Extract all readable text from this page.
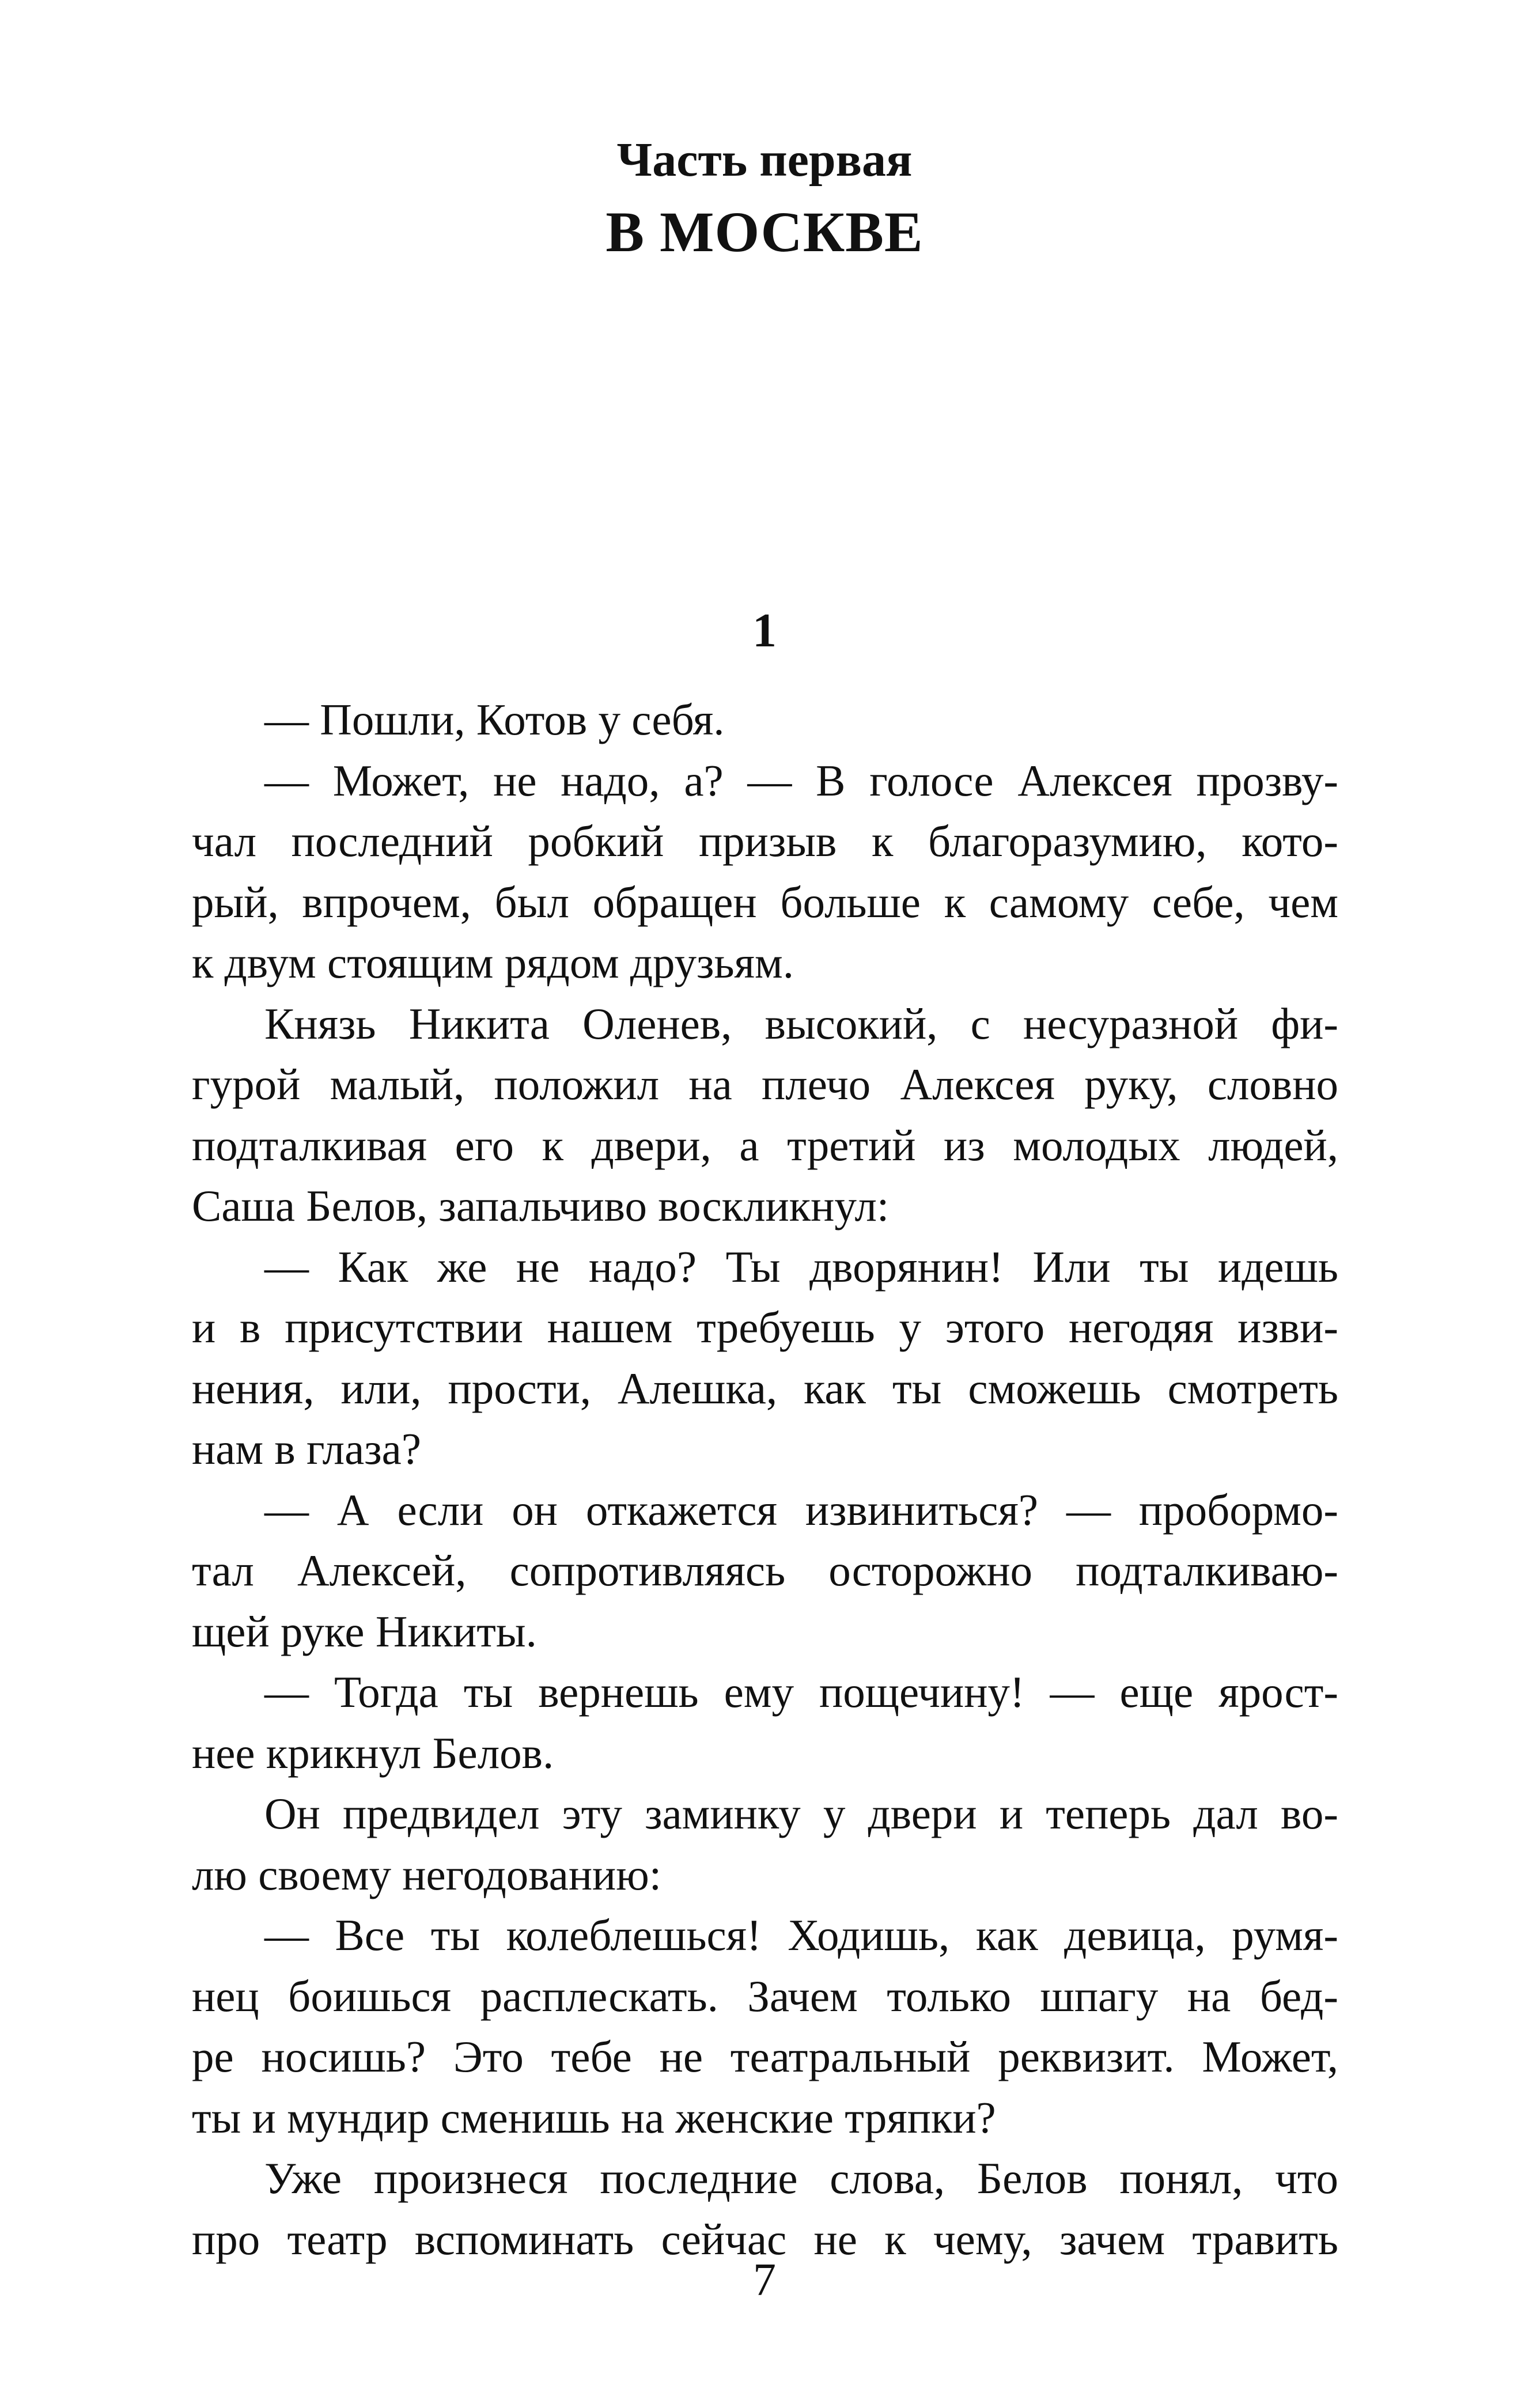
Часть первая
В МОСКВЕ
1
— Пошли, Котов у себя.
— Может, не надо, а? — В голосе Алексея прозву-
чал последний робкий призыв к благоразумию, кото-
рый, впрочем, был обращен больше к самому себе, чем
к двум стоящим рядом друзьям.
Князь Никита Оленев, высокий, с несуразной фи-
гурой малый, положил на плечо Алексея руку, словно
подталкивая его к двери, а третий из молодых людей,
Саша Белов, запальчиво воскликнул:
— Как же не надо? Ты дворянин! Или ты идешь
и в присутствии нашем требуешь у этого негодяя изви-
нения, или, прости, Алешка, как ты сможешь смотреть
нам в глаза?
— А если он откажется извиниться? — пробормо-
тал Алексей, сопротивляясь осторожно подталкиваю-
щей руке Никиты.
— Тогда ты вернешь ему пощечину! — еще ярост-
нее крикнул Белов.
Он предвидел эту заминку у двери и теперь дал во-
лю своему негодованию:
— Все ты колеблешься! Ходишь, как девица, румя-
нец боишься расплескать. Зачем только шпагу на бед-
ре носишь? Это тебе не театральный реквизит. Может,
ты и мундир сменишь на женские тряпки?
Уже произнеся последние слова, Белов понял, что
про театр вспоминать сейчас не к чему, зачем травить
7
